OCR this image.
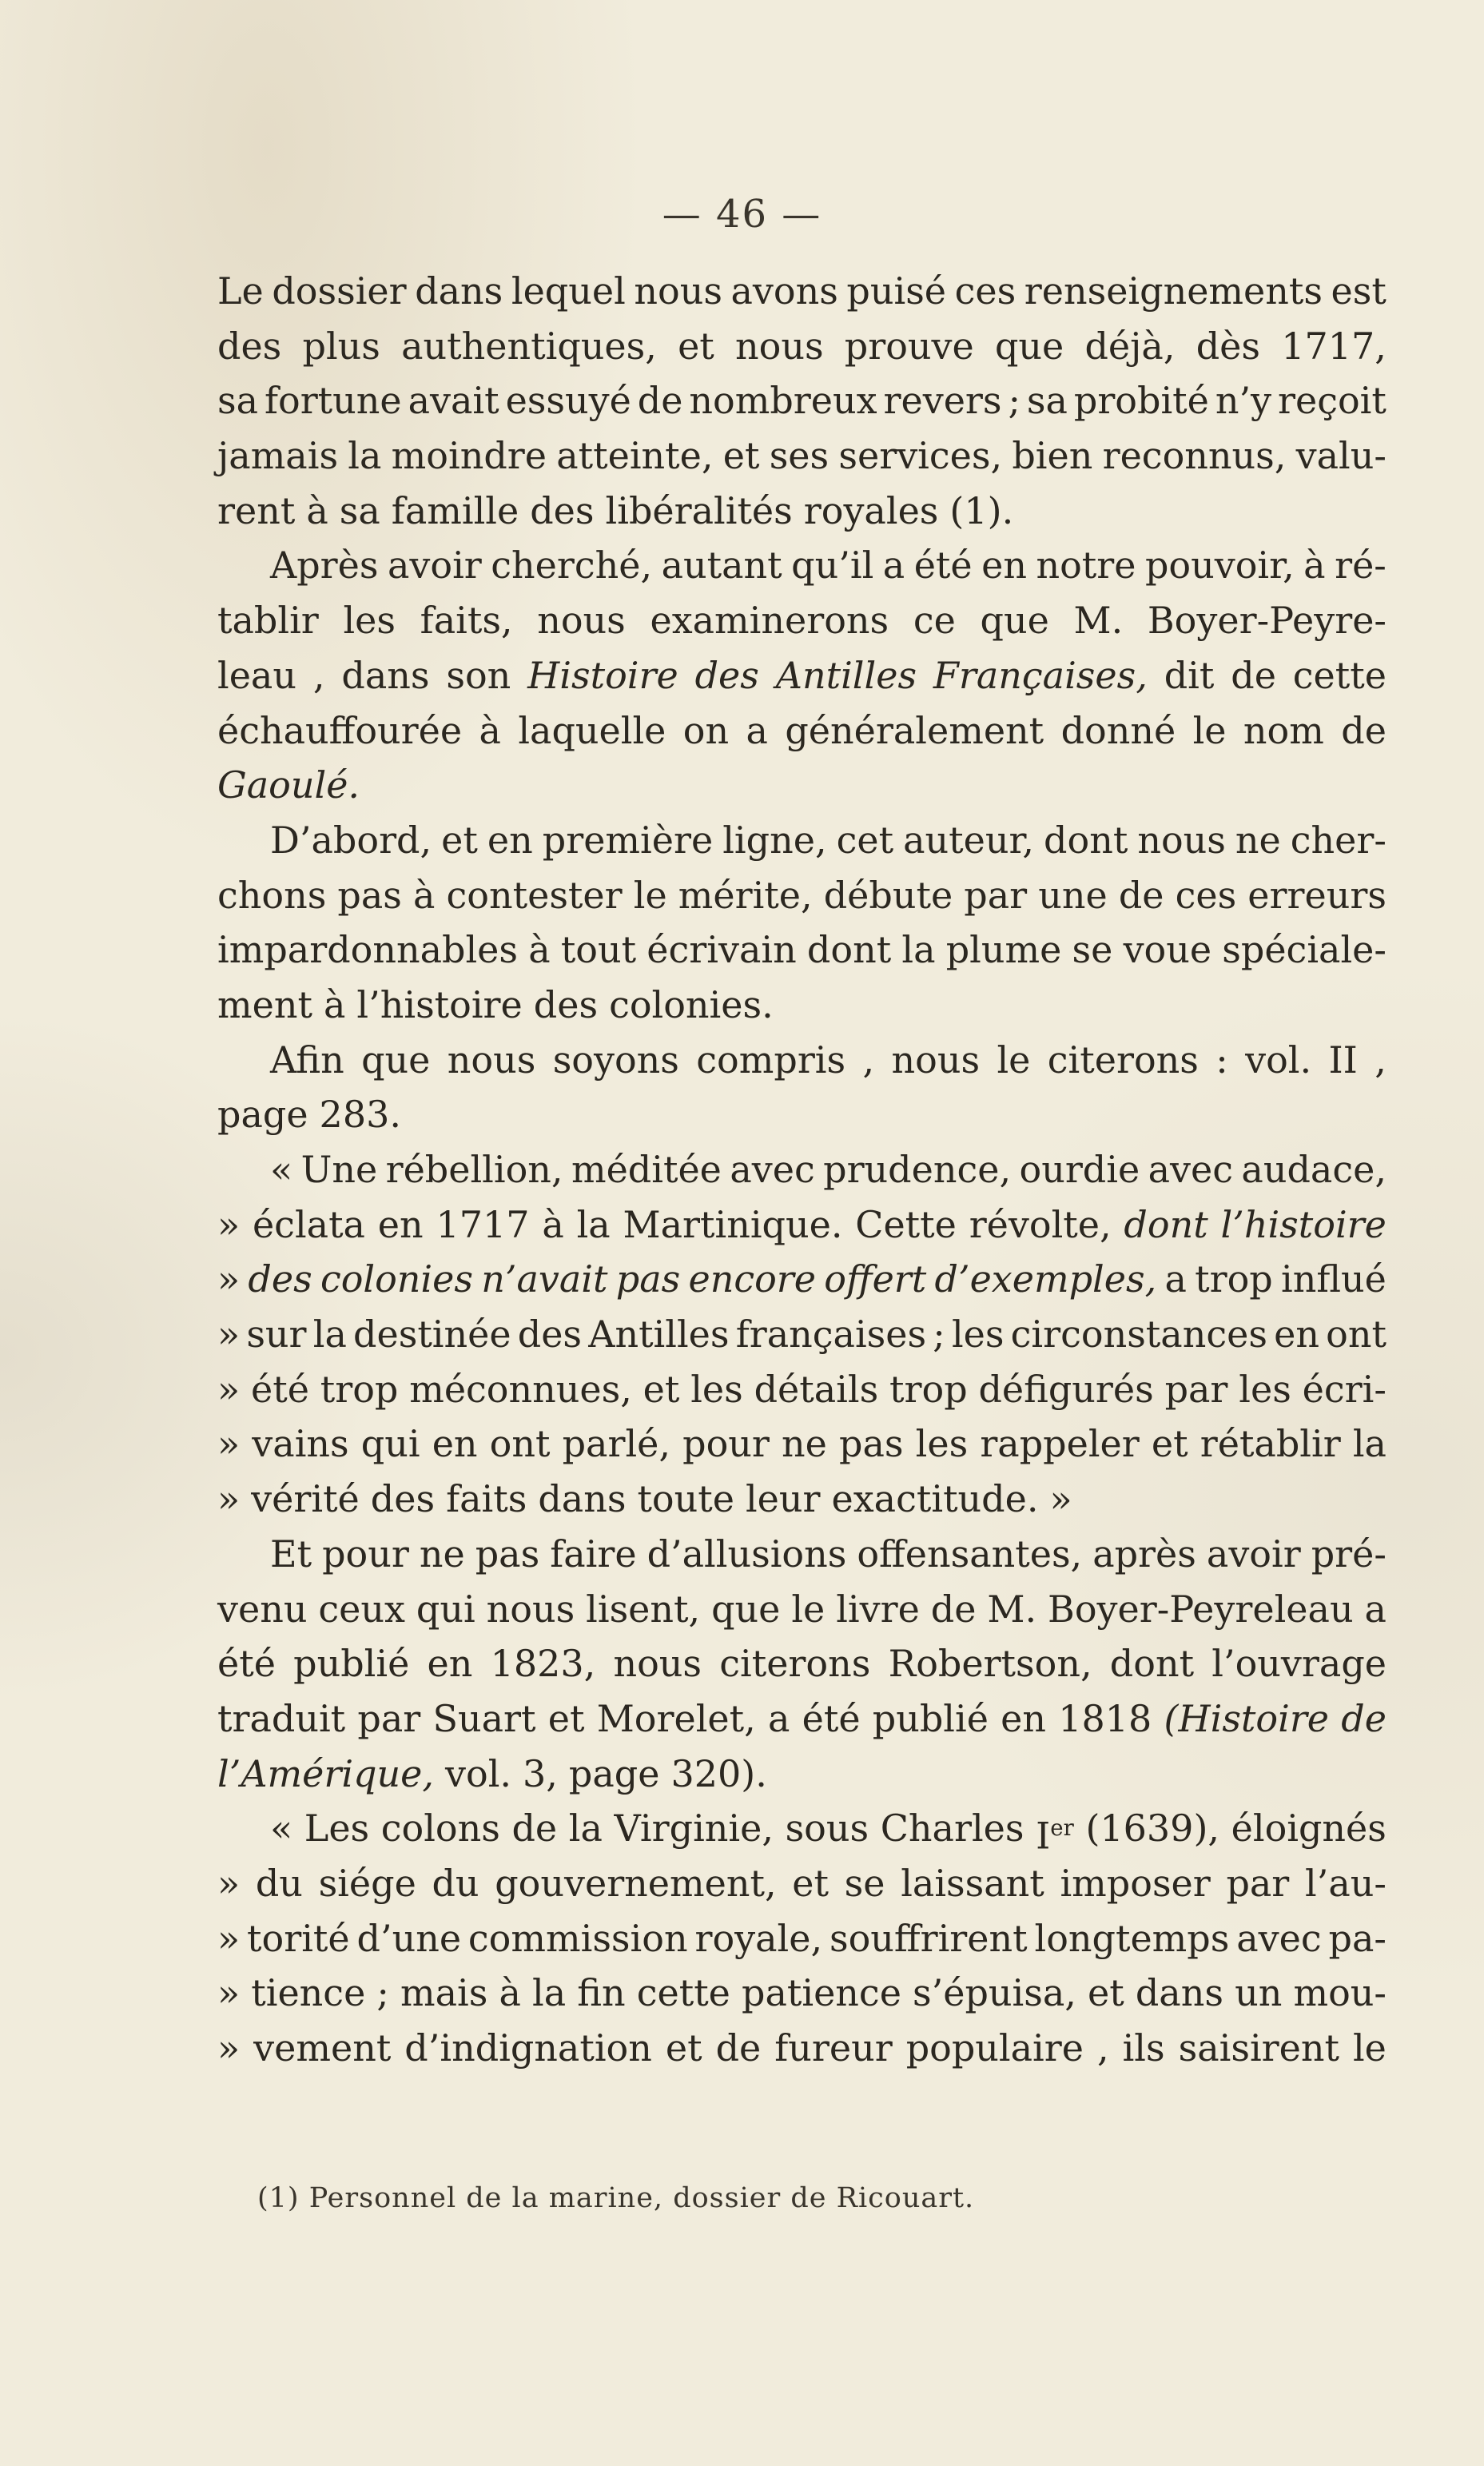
— 46 —
Le dossier dans lequel nous avons puisé ces renseignements est
des plus authentiques, et nous prouve que déjà, dès 1717,
sa fortune avait essuyé de nombreux revers ; sa probité n’y reçoit
jamais la moindre atteinte, et ses services, bien reconnus, valu-
rent à sa famille des libéralités royales (1).
Après avoir cherché, autant qu’il a été en notre pouvoir, à ré-
tablir les faits, nous examinerons ce que M. Boyer-Peyre-
leau , dans son Histoire des Antilles Françaises, dit de cette
échauffourée à laquelle on a généralement donné le nom de
Gaoulé.
D’abord, et en première ligne, cet auteur, dont nous ne cher-
chons pas à contester le mérite, débute par une de ces erreurs
impardonnables à tout écrivain dont la plume se voue spéciale-
ment à l’histoire des colonies.
Afin que nous soyons compris , nous le citerons : vol. II ,
page 283.
« Une rébellion, méditée avec prudence, ourdie avec audace,
» éclata en 1717 à la Martinique. Cette révolte, dont l’histoire
» des colonies n’avait pas encore offert d’exemples, a trop influé
» sur la destinée des Antilles françaises ; les circonstances en ont
» été trop méconnues, et les détails trop défigurés par les écri-
» vains qui en ont parlé, pour ne pas les rappeler et rétablir la
» vérité des faits dans toute leur exactitude. »
Et pour ne pas faire d’allusions offensantes, après avoir pré-
venu ceux qui nous lisent, que le livre de M. Boyer-Peyreleau a
été publié en 1823, nous citerons Robertson, dont l’ouvrage
traduit par Suart et Morelet, a été publié en 1818 (Histoire de
l’Amérique, vol. 3, page 320).
« Les colons de la Virginie, sous Charles Ier (1639), éloignés
» du siége du gouvernement, et se laissant imposer par l’au-
» torité d’une commission royale, souffrirent longtemps avec pa-
» tience ; mais à la fin cette patience s’épuisa, et dans un mou-
» vement d’indignation et de fureur populaire , ils saisirent le
(1) Personnel de la marine, dossier de Ricouart.
